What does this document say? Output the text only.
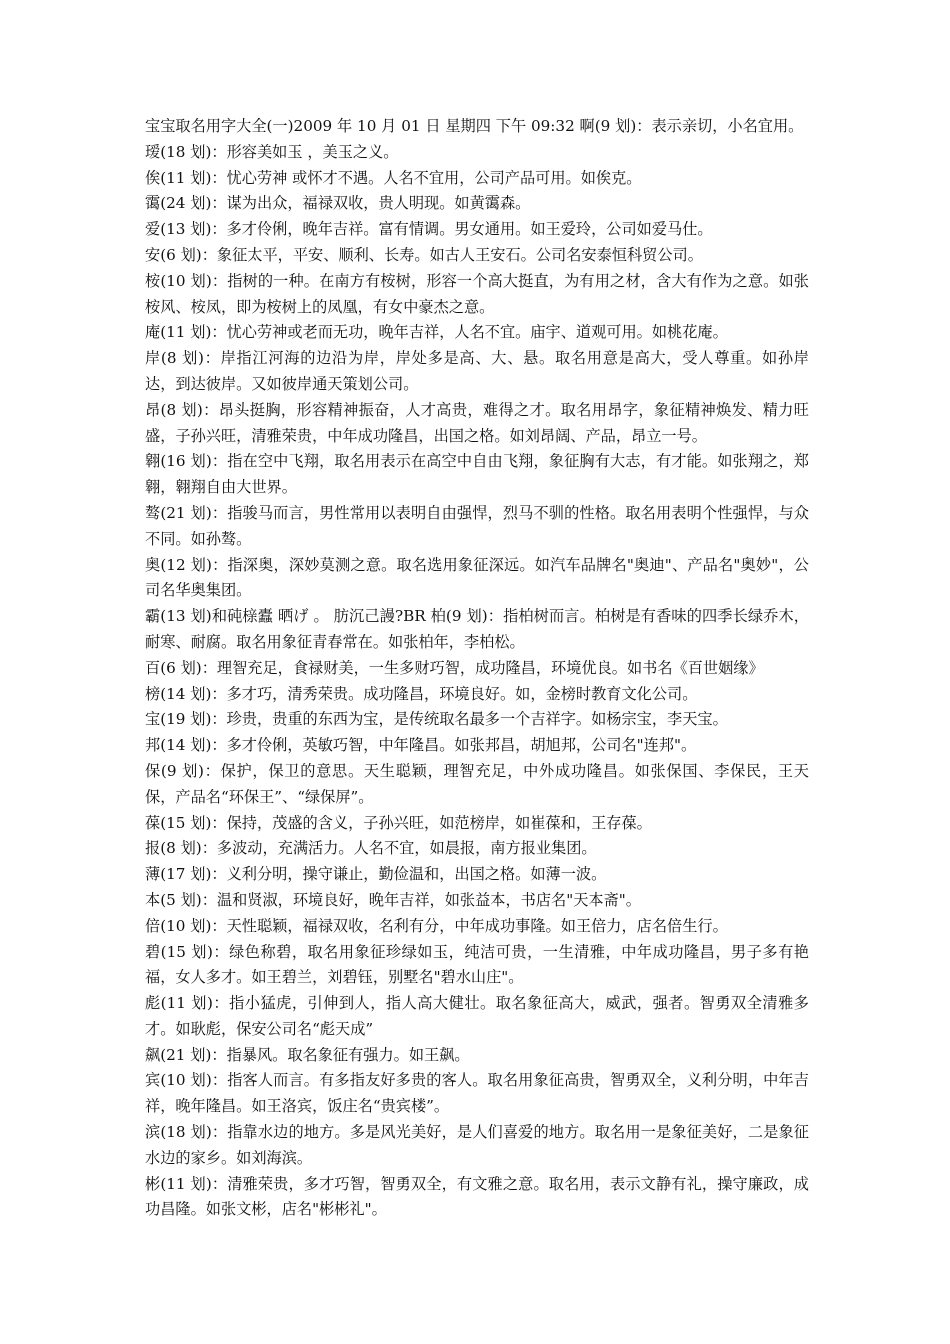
宝宝取名用字大全(一)2009 年 10 月 01 日 星期四 下午 09:32 啊(9 划)：表示亲切，小名宜用。

瑷(18 划)：形容美如玉 ，美玉之义。

俟(11 划)：忧心劳神 或怀才不遇。人名不宜用，公司产品可用。如俟克。

霭(24 划)：谋为出众，福禄双收，贵人明现。如黄霭森。

爱(13 划)：多才伶俐，晚年吉祥。富有情调。男女通用。如王爱玲，公司如爱马仕。

安(6 划)：象征太平，平安、顺利、长寿。如古人王安石。公司名安泰恒科贸公司。

桉(10 划)：指树的一种。在南方有桉树，形容一个高大挺直，为有用之材，含大有作为之意。如张桉风、桉凤，即为桉树上的凤凰，有女中豪杰之意。

庵(11 划)：忧心劳神或老而无功，晚年吉祥，人名不宜。庙宇、道观可用。如桃花庵。

岸(8 划)：岸指江河海的边沿为岸，岸处多是高、大、悬。取名用意是高大，受人尊重。如孙岸达，到达彼岸。又如彼岸通天策划公司。

昂(8 划)：昂头挺胸，形容精神振奋，人才高贵，难得之才。取名用昂字，象征精神焕发、精力旺盛，子孙兴旺，清雅荣贵，中年成功隆昌，出国之格。如刘昂阔、产品，昂立一号。

翱(16 划)：指在空中飞翔，取名用表示在高空中自由飞翔，象征胸有大志，有才能。如张翔之，郑翱，翱翔自由大世界。

骜(21 划)：指骏马而言，男性常用以表明自由强悍，烈马不驯的性格。取名用表明个性强悍，与众不同。如孙骜。

奥(12 划)：指深奥，深妙莫测之意。取名选用象征深远。如汽车品牌名"奥迪"、产品名"奥妙"，公司名华奥集团。

霸(13 划)和砘榇蠹 晒げ 。 肪沉己謾?BR 柏(9 划)：指柏树而言。柏树是有香味的四季长绿乔木，耐寒、耐腐。取名用象征青春常在。如张柏年，李柏松。

百(6 划)：理智充足，食禄财美，一生多财巧智，成功隆昌，环境优良。如书名《百世姻缘》

榜(14 划)：多才巧，清秀荣贵。成功隆昌，环境良好。如，金榜时教育文化公司。

宝(19 划)：珍贵，贵重的东西为宝，是传统取名最多一个吉祥字。如杨宗宝，李天宝。

邦(14 划)：多才伶俐，英敏巧智，中年隆昌。如张邦昌，胡旭邦，公司名"连邦"。

保(9 划)：保护，保卫的意思。天生聪颖，理智充足，中外成功隆昌。如张保国、李保民，王天保，产品名“环保王”、“绿保屏”。

葆(15 划)：保持，茂盛的含义，子孙兴旺，如范榜岸，如崔葆和，王存葆。

报(8 划)：多波动，充满活力。人名不宜，如晨报，南方报业集团。

薄(17 划)：义利分明，操守谦止，勤俭温和，出国之格。如薄一波。

本(5 划)：温和贤淑，环境良好，晚年吉祥，如张益本，书店名"天本斋"。

倍(10 划)：天性聪颖，福禄双收，名利有分，中年成功事隆。如王倍力，店名倍生行。

碧(15 划)：绿色称碧，取名用象征珍绿如玉，纯洁可贵，一生清雅，中年成功隆昌，男子多有艳福，女人多才。如王碧兰，刘碧钰，别墅名"碧水山庄"。

彪(11 划)：指小猛虎，引伸到人，指人高大健壮。取名象征高大，威武，强者。智勇双全清雅多才。如耿彪，保安公司名“彪天成”

飙(21 划)：指暴风。取名象征有强力。如王飙。

宾(10 划)：指客人而言。有多指友好多贵的客人。取名用象征高贵，智勇双全，义利分明，中年吉祥，晚年隆昌。如王洛宾，饭庄名“贵宾楼”。

滨(18 划)：指靠水边的地方。多是风光美好，是人们喜爱的地方。取名用一是象征美好，二是象征水边的家乡。如刘海滨。

彬(11 划)：清雅荣贵，多才巧智，智勇双全，有文雅之意。取名用，表示文静有礼，操守廉政，成功昌隆。如张文彬，店名"彬彬礼"。
